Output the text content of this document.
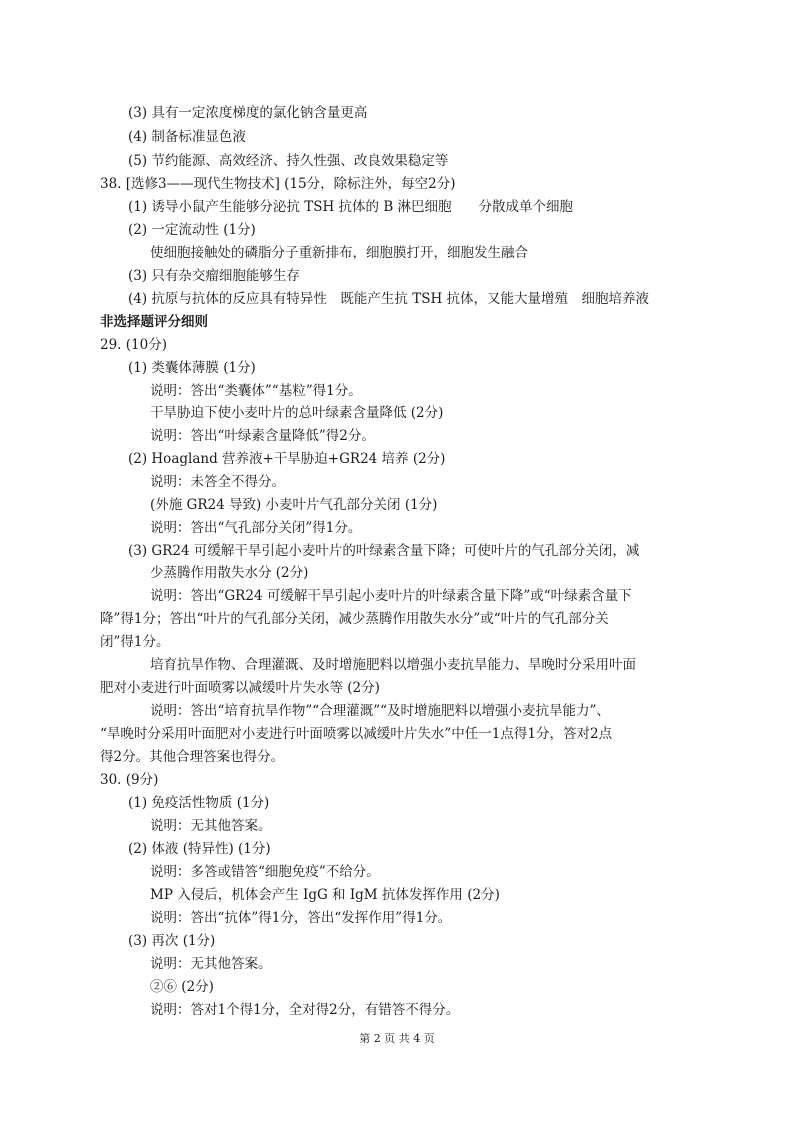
(3) 具有一定浓度梯度的氯化钠含量更高
(4) 制备标准显色液
(5) 节约能源、高效经济、持久性强、改良效果稳定等
38. [选修3——现代生物技术] (15分，除标注外，每空2分)
(1) 诱导小鼠产生能够分泌抗 TSH 抗体的 B 淋巴细胞　　分散成单个细胞
(2) 一定流动性 (1分)
使细胞接触处的磷脂分子重新排布，细胞膜打开，细胞发生融合
(3) 只有杂交瘤细胞能够生存
(4) 抗原与抗体的反应具有特异性　既能产生抗 TSH 抗体，又能大量增殖　细胞培养液
非选择题评分细则
29. (10分)
(1) 类囊体薄膜 (1分)
说明：答出“类囊体”“基粒”得1分。
干旱胁迫下使小麦叶片的总叶绿素含量降低 (2分)
说明：答出“叶绿素含量降低”得2分。
(2) Hoagland 营养液+干旱胁迫+GR24 培养 (2分)
说明：未答全不得分。
(外施 GR24 导致) 小麦叶片气孔部分关闭 (1分)
说明：答出“气孔部分关闭”得1分。
(3) GR24 可缓解干旱引起小麦叶片的叶绿素含量下降；可使叶片的气孔部分关闭，减
少蒸腾作用散失水分 (2分)
说明：答出“GR24 可缓解干旱引起小麦叶片的叶绿素含量下降”或“叶绿素含量下
降”得1分；答出“叶片的气孔部分关闭，减少蒸腾作用散失水分”或“叶片的气孔部分关
闭”得1分。
培育抗旱作物、合理灌溉、及时增施肥料以增强小麦抗旱能力、旱晚时分采用叶面
肥对小麦进行叶面喷雾以减缓叶片失水等 (2分)
说明：答出“培育抗旱作物”“合理灌溉”“及时增施肥料以增强小麦抗旱能力”、
“旱晚时分采用叶面肥对小麦进行叶面喷雾以减缓叶片失水”中任一1点得1分，答对2点
得2分。其他合理答案也得分。
30. (9分)
(1) 免疫活性物质 (1分)
说明：无其他答案。
(2) 体液 (特异性) (1分)
说明：多答或错答“细胞免疫”不给分。
MP 入侵后，机体会产生 IgG 和 IgM 抗体发挥作用 (2分)
说明：答出“抗体”得1分，答出“发挥作用”得1分。
(3) 再次 (1分)
说明：无其他答案。
②⑥ (2分)
说明：答对1个得1分，全对得2分，有错答不得分。
第 2 页 共 4 页
